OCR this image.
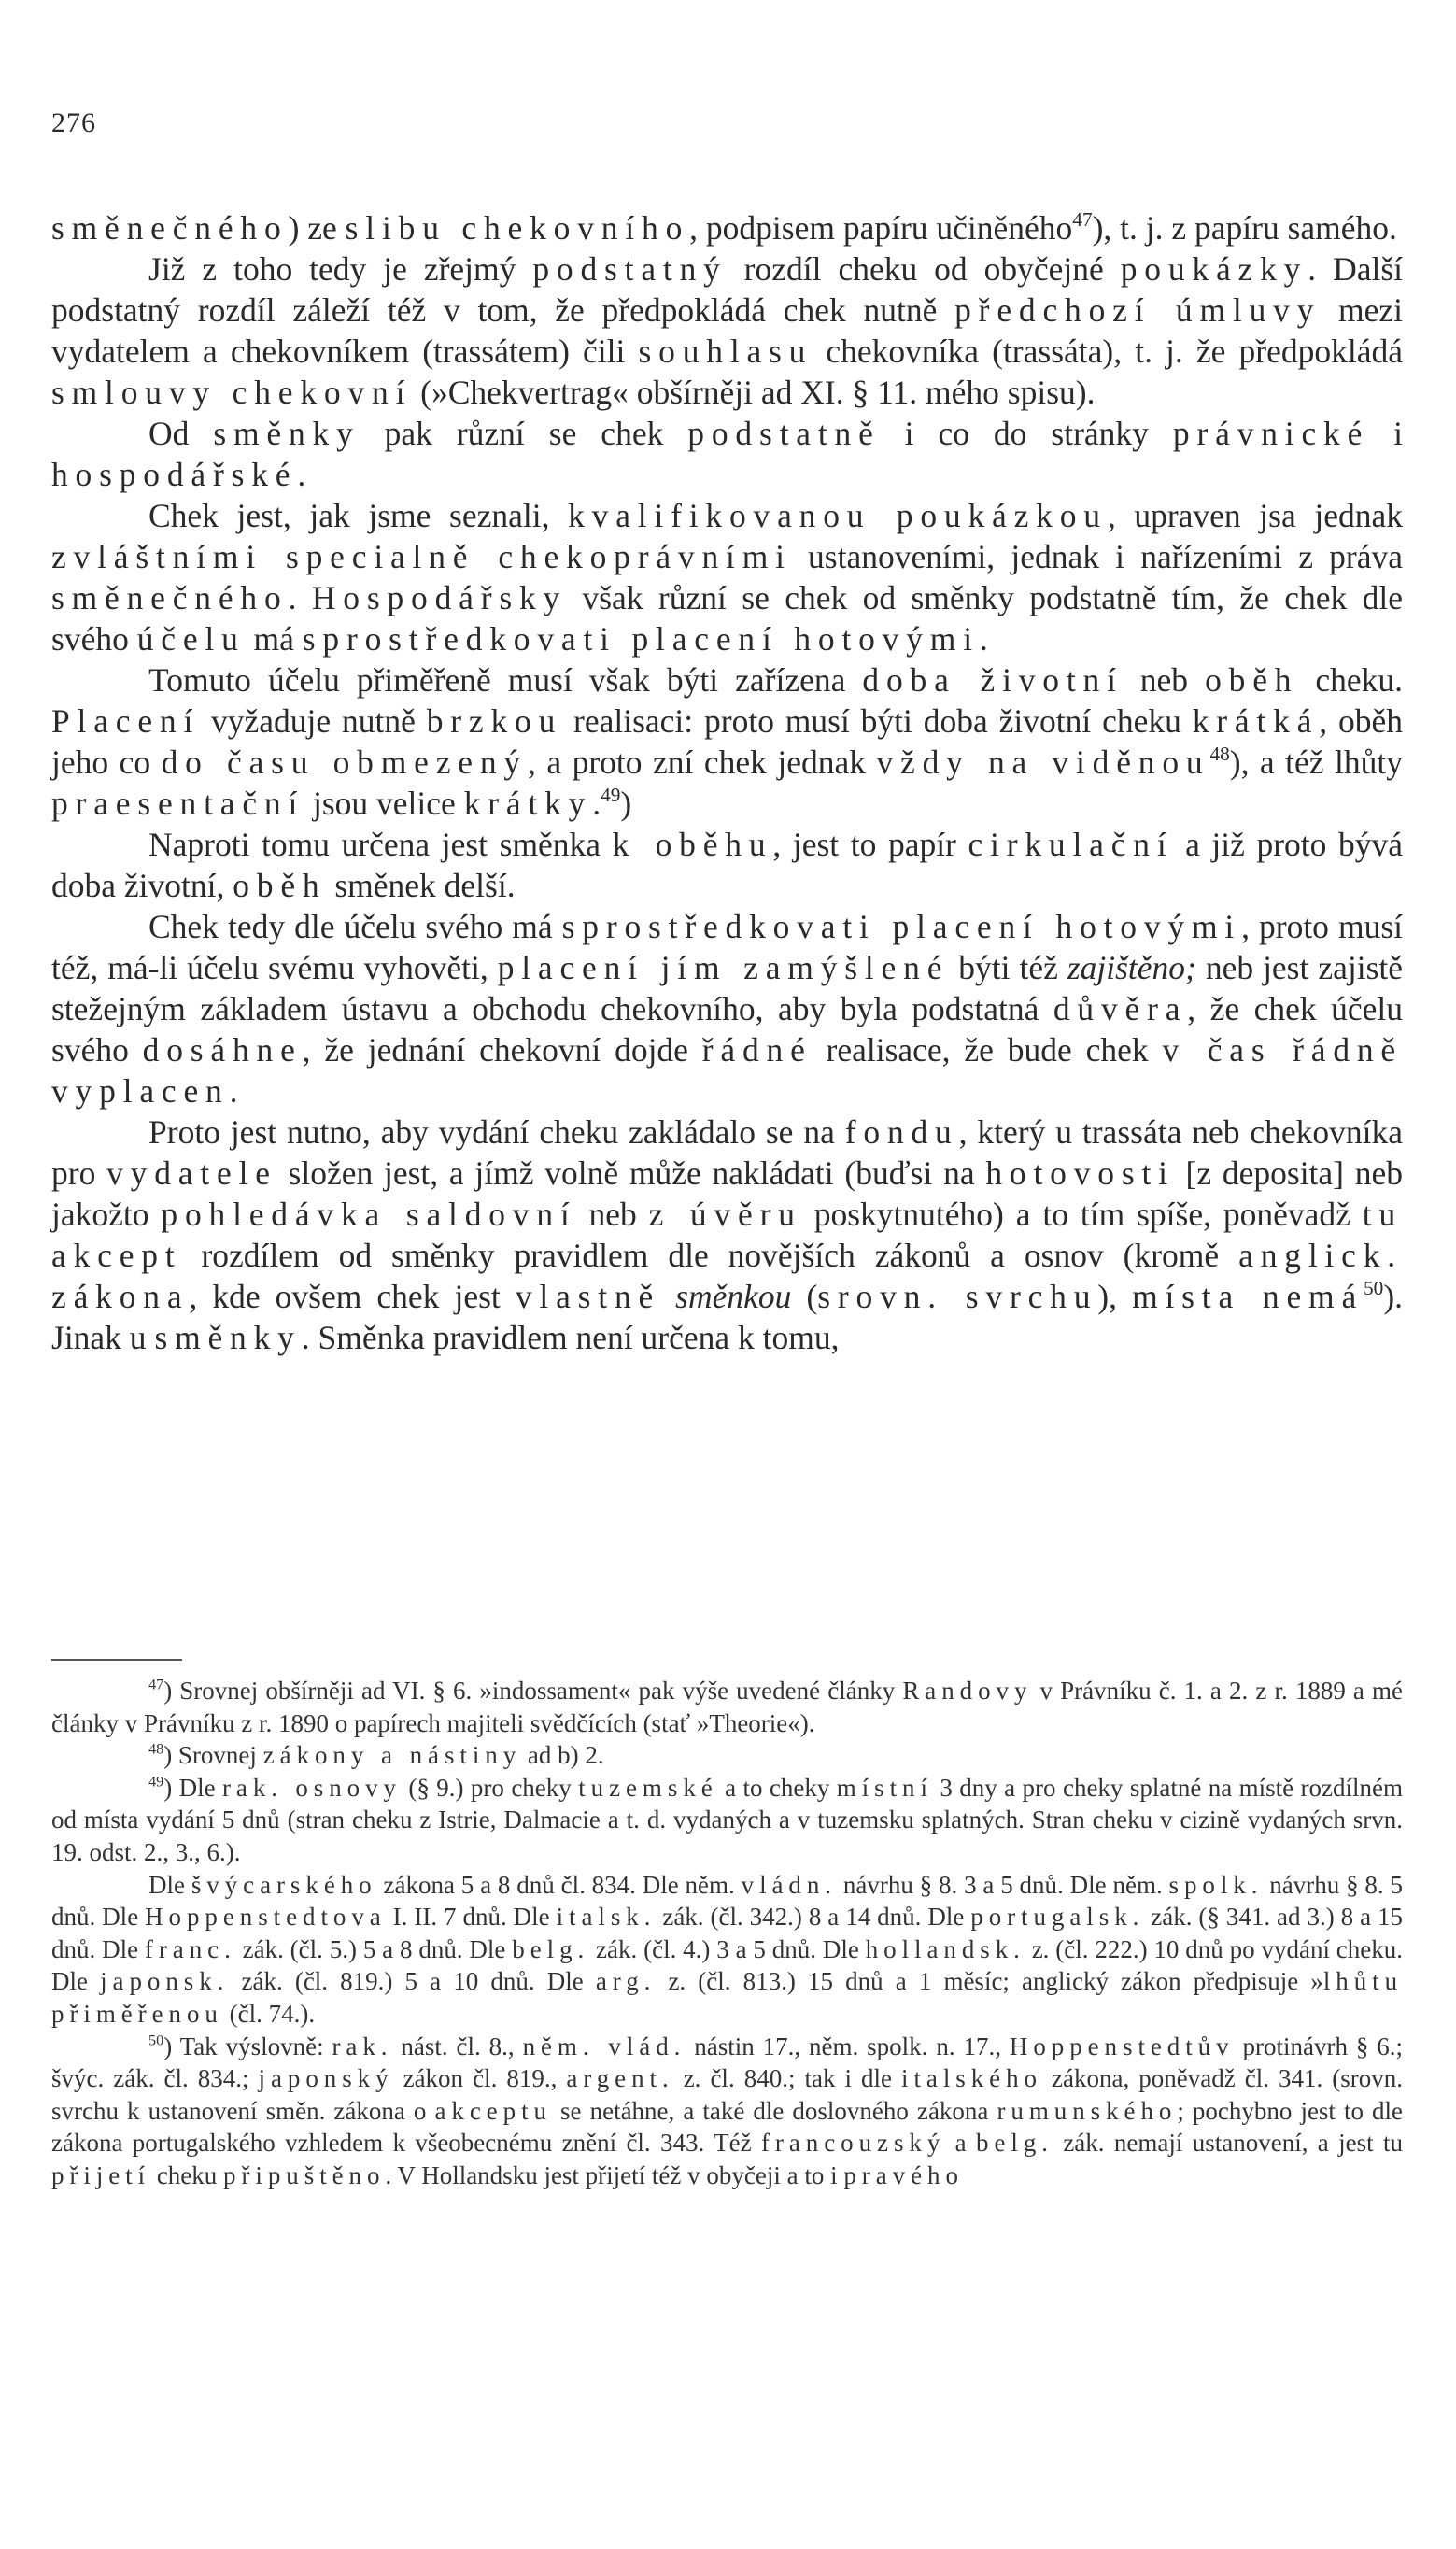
276

směnečného) ze slibu chekovního, podpisem papíru učiněného$^{47}$), t. j. z papíru samého.

Již z toho tedy je zřejmý podstatný rozdíl cheku od obyčejné poukázky. Další podstatný rozdíl záleží též v tom, že předpokládá chek nutně předchozí úmluvy mezi vydatelem a chekovníkem (trassátem) čili souhlasu chekovníka (trassáta), t. j. že předpokládá smlouvy chekovní (»Chekvertrag« obšírněji ad XI. § 11. mého spisu).

Od směnky pak různí se chek podstatně i co do stránky právnické i hospodářské.

Chek jest, jak jsme seznali, kvalifikovanou poukázkou, upraven jsa jednak zvláštními specialně chekoprávními ustanoveními, jednak i nařízeními z práva směnečného. Hospodářsky však různí se chek od směnky podstatně tím, že chek dle svého účelu má sprostředkovati placení hotovými.

Tomuto účelu přiměřeně musí však býti zařízena doba životní neb oběh cheku. Placení vyžaduje nutně brzkou realisaci: proto musí býti doba životní cheku krátká, oběh jeho co do času obmezený, a proto zní chek jednak vždy na viděnou$^{48}$), a též lhůty praesentační jsou velice krátky.$^{49}$)

Naproti tomu určena jest směnka k oběhu, jest to papír cirkulační a již proto bývá doba životní, oběh směnek delší.

Chek tedy dle účelu svého má sprostředkovati placení hotovými, proto musí též, má-li účelu svému vyhověti, placení jím zamýšlené býti též zajištěno; neb jest zajistě stežejným základem ústavu a obchodu chekovního, aby byla podstatná důvěra, že chek účelu svého dosáhne, že jednání chekovní dojde řádné realisace, že bude chek v čas řádně vyplacen.

Proto jest nutno, aby vydání cheku zakládalo se na fondu, který u trassáta neb chekovníka pro vydatele složen jest, a jímž volně může nakládati (buďsi na hotovosti [z deposita] neb jakožto pohledávka saldovní neb z úvěru poskytnutého) a to tím spíše, poněvadž tu akcept rozdílem od směnky pravidlem dle novějších zákonů a osnov (kromě anglick. zákona, kde ovšem chek jest vlastně směnkou (srovn. svrchu), místa nemá$^{50}$). Jinak u směnky. Směnka pravidlem není určena k tomu,

$^{47}$) Srovnej obšírněji ad VI. § 6. »indossament« pak výše uvedené články Randovy v Právníku č. 1. a 2. z r. 1889 a mé články v Právníku z r. 1890 o papírech majiteli svědčících (stať »Theorie«).

$^{48}$) Srovnej zákony a nástiny ad b) 2.

$^{49}$) Dle rak. osnovy (§ 9.) pro cheky tuzemské a to cheky místní 3 dny a pro cheky splatné na místě rozdílném od místa vydání 5 dnů (stran cheku z Istrie, Dalmacie a t. d. vydaných a v tuzemsku splatných. Stran cheku v cizině vydaných srvn. 19. odst. 2., 3., 6.).

Dle švýcarského zákona 5 a 8 dnů čl. 834. Dle něm. vládn. návrhu § 8. 3 a 5 dnů. Dle něm. spolk. návrhu § 8. 5 dnů. Dle Hoppenstedtova I. II. 7 dnů. Dle italsk. zák. (čl. 342.) 8 a 14 dnů. Dle portugalsk. zák. (§ 341. ad 3.) 8 a 15 dnů. Dle franc. zák. (čl. 5.) 5 a 8 dnů. Dle belg. zák. (čl. 4.) 3 a 5 dnů. Dle hollandsk. z. (čl. 222.) 10 dnů po vydání cheku. Dle japonsk. zák. (čl. 819.) 5 a 10 dnů. Dle arg. z. (čl. 813.) 15 dnů a 1 měsíc; anglický zákon předpisuje »lhůtu přiměřenou (čl. 74.).

$^{50}$) Tak výslovně: rak. nást. čl. 8., něm. vlád. nástin 17., něm. spolk. n. 17., Hoppenstedtův protinávrh § 6.; švýc. zák. čl. 834.; japonský zákon čl. 819., argent. z. čl. 840.; tak i dle italského zákona, poněvadž čl. 341. (srovn. svrchu k ustanovení směn. zákona o akceptu se netáhne, a také dle doslovného zákona rumunského; pochybno jest to dle zákona portugalského vzhledem k všeobecnému znění čl. 343. Též francouzský a belg. zák. nemají ustanovení, a jest tu přijetí cheku připuštěno. V Hollandsku jest přijetí též v obyčeji a to i pravého
